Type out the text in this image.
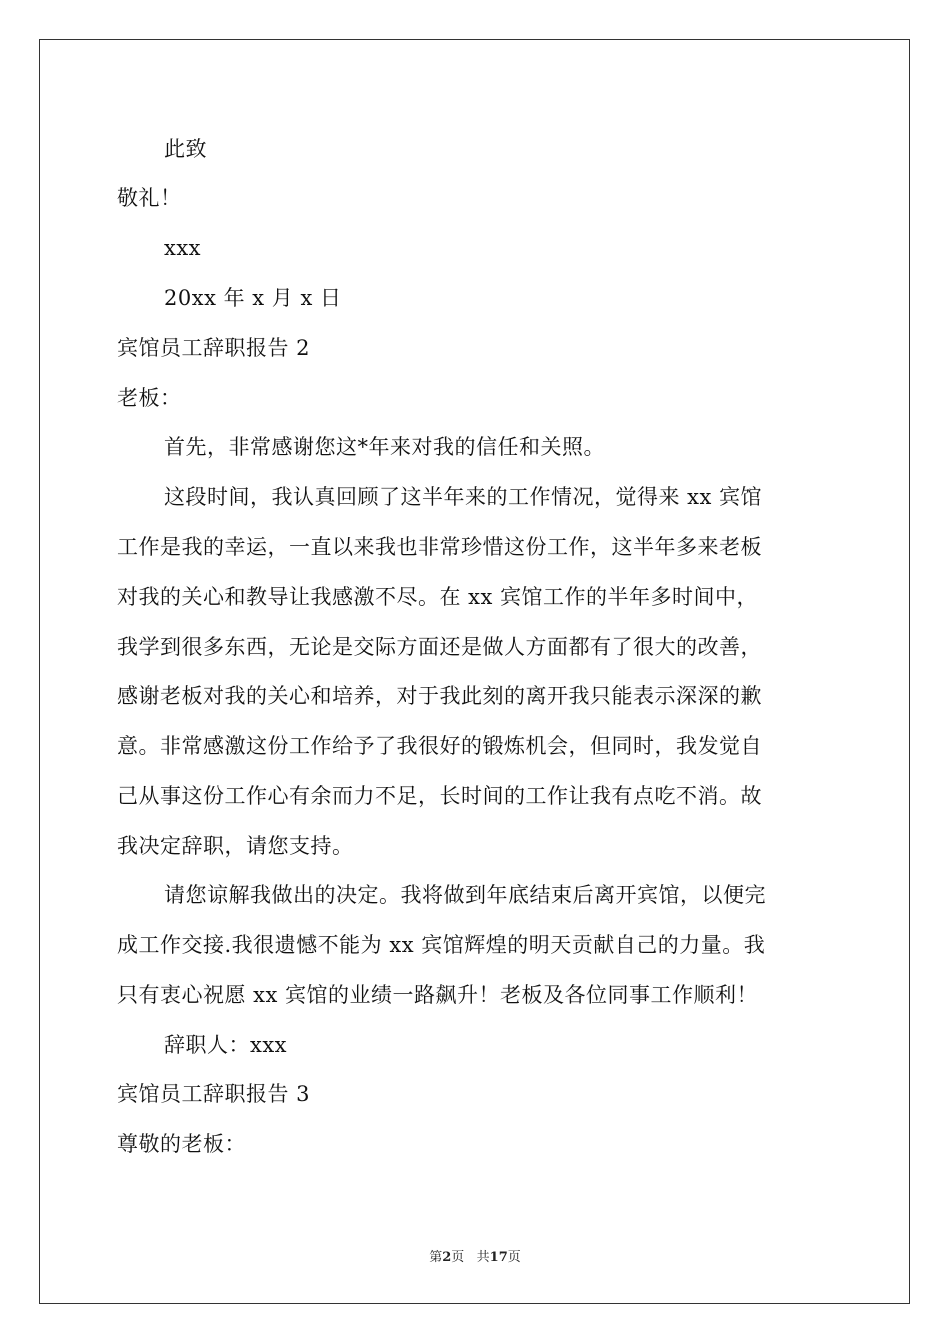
此致
敬礼！
xxx
20xx 年 x 月 x 日
宾馆员工辞职报告 2
老板：
首先，非常感谢您这*年来对我的信任和关照。
这段时间，我认真回顾了这半年来的工作情况，觉得来 xx 宾馆
工作是我的幸运，一直以来我也非常珍惜这份工作，这半年多来老板
对我的关心和教导让我感激不尽。在 xx 宾馆工作的半年多时间中，
我学到很多东西，无论是交际方面还是做人方面都有了很大的改善，
感谢老板对我的关心和培养，对于我此刻的离开我只能表示深深的歉
意。非常感激这份工作给予了我很好的锻炼机会，但同时，我发觉自
己从事这份工作心有余而力不足，长时间的工作让我有点吃不消。故
我决定辞职，请您支持。
请您谅解我做出的决定。我将做到年底结束后离开宾馆，以便完
成工作交接.我很遗憾不能为 xx 宾馆辉煌的明天贡献自己的力量。我
只有衷心祝愿 xx 宾馆的业绩一路飙升！老板及各位同事工作顺利！
辞职人：xxx
宾馆员工辞职报告 3
尊敬的老板：
第2页   共17页
